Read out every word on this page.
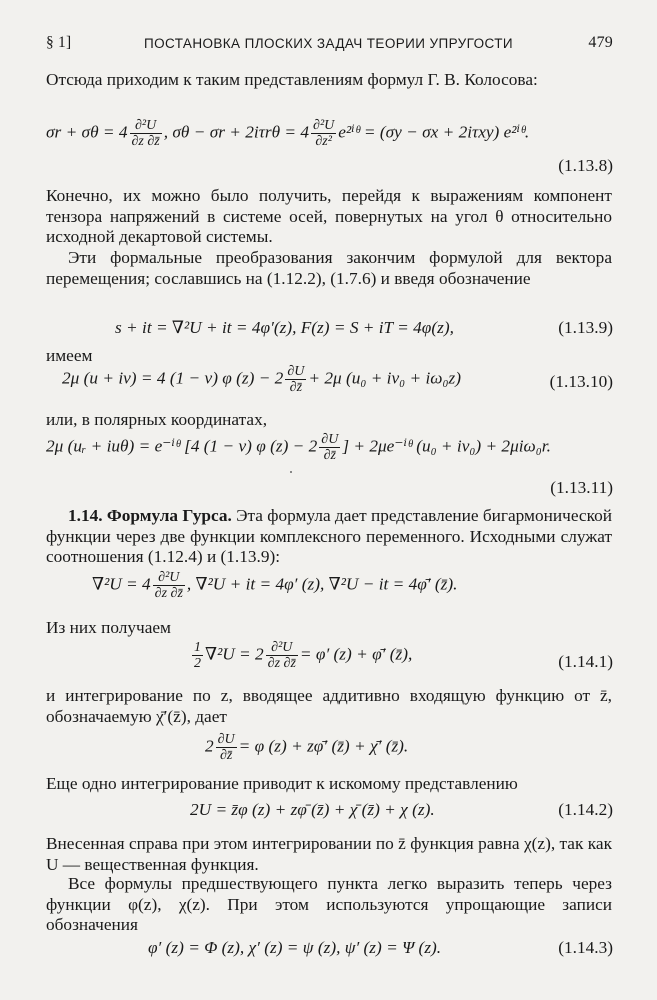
§ 1]	ПОСТАНОВКА ПЛОСКИХ ЗАДАЧ ТЕОРИИ УПРУГОСТИ	479
Отсюда приходим к таким представлениям формул Г. В. Колосова:
$\sigma r + \sigma\theta = 4 \frac{\text{∂²U}}{\partial z \partial z̄}$ , $\sigma\theta - \sigma r + 2i\tau r\theta = 4 \frac{\text{∂²U}}{\text{∂z²}}$ e²ⁱᶿ = (σy − σx + 2iτxy) e²ⁱᶿ.
(1.13.8)
Конечно, их можно было получить, перейдя к выражениям компонент тензора напряжений в системе осей, повернутых на угол θ относительно исходной декартовой системы.
Эти формальные преобразования закончим формулой для вектора перемещения; сославшись на (1.12.2), (1.7.6) и введя обозначение
s + it = ∇²U + it = 4φ′(z), F(z) = S + iT = 4φ(z),	(1.13.9)
имеем
2μ (u + iv) = 4 (1 − ν) φ $(z) - 2 \frac{\partial U}{\partial z̄} + 2\mu$ (u₀ + iv₀ + iω₀z)	(1.13.10)
или, в полярных координатах,
2μ (uᵣ + iuθ) = e⁻ⁱᶿ [4 (1 − ν) φ $(z) - 2 \frac{\partial U}{\partial z̄}$ ] + 2μe⁻ⁱᶿ (u₀ + iv₀) + 2μiω₀r.
(1.13.11)
1.14. Формула Гурса. Эта формула дает представление бигармонической функции через две функции комплексного переменного. Исходными служат соотношения (1.12.4) и (1.13.9):
$\nabla^2U = 4 \frac{\text{∂²U}}{\partial z \partial z̄}$ , ∇²U + it = 4φ′ (z), ∇²U − it = 4φ̄′ (z̄).
Из них получаем
$\frac{1}{2} \nabla^2U = 2 \frac{\text{∂²U}}{\partial z \partial z̄} = \varphi'$ (z) + φ̄′ (z̄),	(1.14.1)
и интегрирование по z, вводящее аддитивно входящую функцию от z̄, обозначаемую χ̄′(z̄), дает
$2 \frac{\partial U}{\partial z̄} = \varphi$ (z) + zφ̄′ (z̄) + χ̄′ (z̄).
Еще одно интегрирование приводит к искомому представлению
2U = z̄φ (z) + zφ̄ (z̄) + χ̄ (z̄) + χ (z).	(1.14.2)
Внесенная справа при этом интегрировании по z̄ функция равна χ(z), так как U — вещественная функция.
Все формулы предшествующего пункта легко выразить теперь через функции φ(z), χ(z). При этом используются упрощающие записи обозначения
φ′ (z) = Φ (z), χ′ (z) = ψ (z), ψ′ (z) = Ψ (z).	(1.14.3)
